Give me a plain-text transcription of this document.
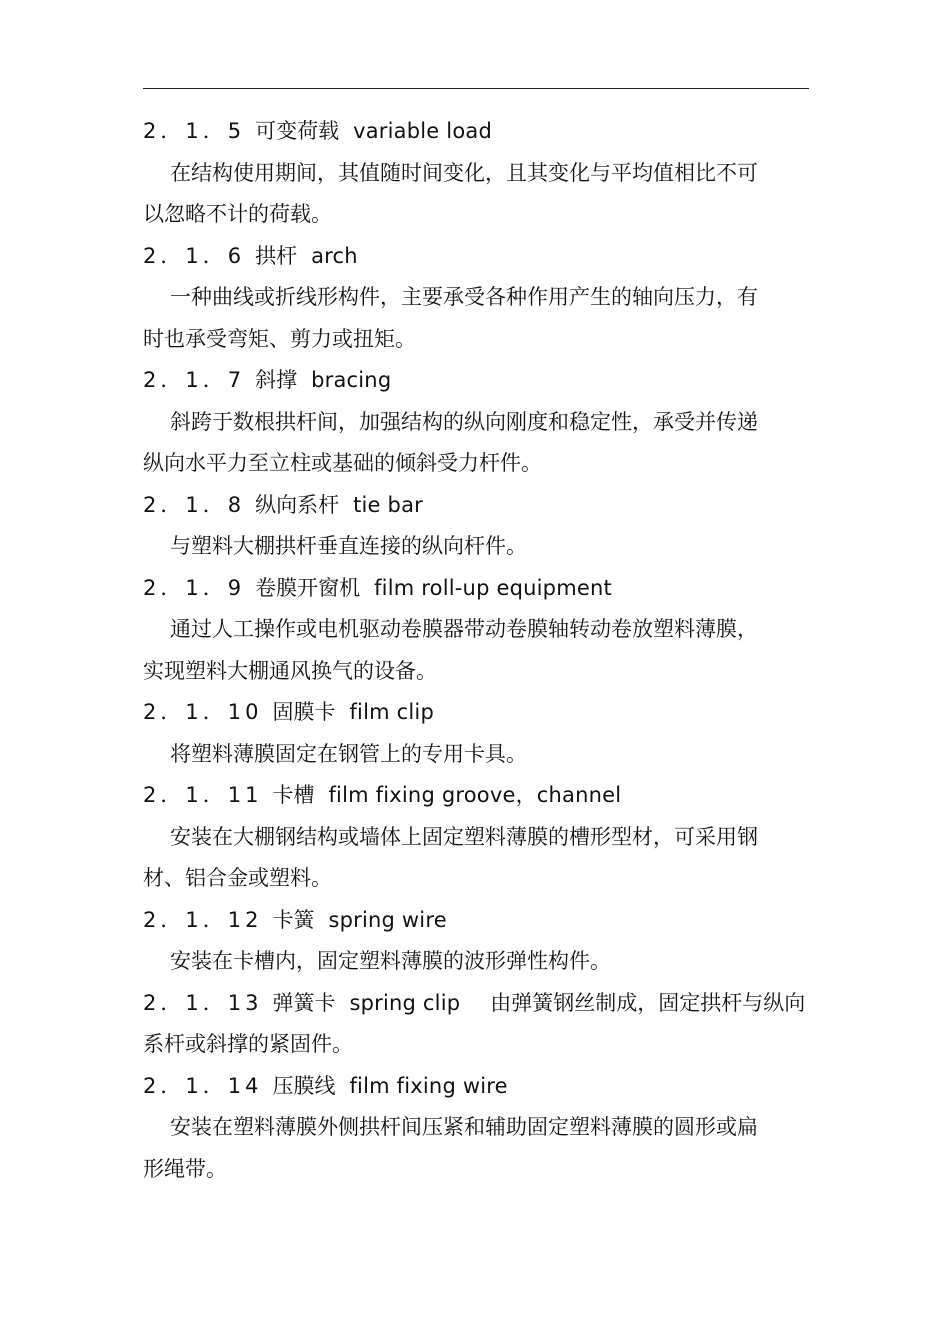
2．1．5 可变荷载 variable load
在结构使用期间，其值随时间变化，且其变化与平均值相比不可
以忽略不计的荷载。
2．1．6 拱杆 arch
一种曲线或折线形构件，主要承受各种作用产生的轴向压力，有
时也承受弯矩、剪力或扭矩。
2．1．7 斜撑 bracing
斜跨于数根拱杆间，加强结构的纵向刚度和稳定性，承受并传递
纵向水平力至立柱或基础的倾斜受力杆件。
2．1．8 纵向系杆 tie bar
与塑料大棚拱杆垂直连接的纵向杆件。
2．1．9 卷膜开窗机 film roll-up equipment
通过人工操作或电机驱动卷膜器带动卷膜轴转动卷放塑料薄膜，
实现塑料大棚通风换气的设备。
2．1．10 固膜卡 film clip
将塑料薄膜固定在钢管上的专用卡具。
2．1．11 卡槽 film fixing groove，channel
安装在大棚钢结构或墙体上固定塑料薄膜的槽形型材，可采用钢
材、铝合金或塑料。
2．1．12 卡簧 spring wire
安装在卡槽内，固定塑料薄膜的波形弹性构件。
2．1．13 弹簧卡 spring clip 由弹簧钢丝制成，固定拱杆与纵向
系杆或斜撑的紧固件。
2．1．14 压膜线 film fixing wire
安装在塑料薄膜外侧拱杆间压紧和辅助固定塑料薄膜的圆形或扁
形绳带。
